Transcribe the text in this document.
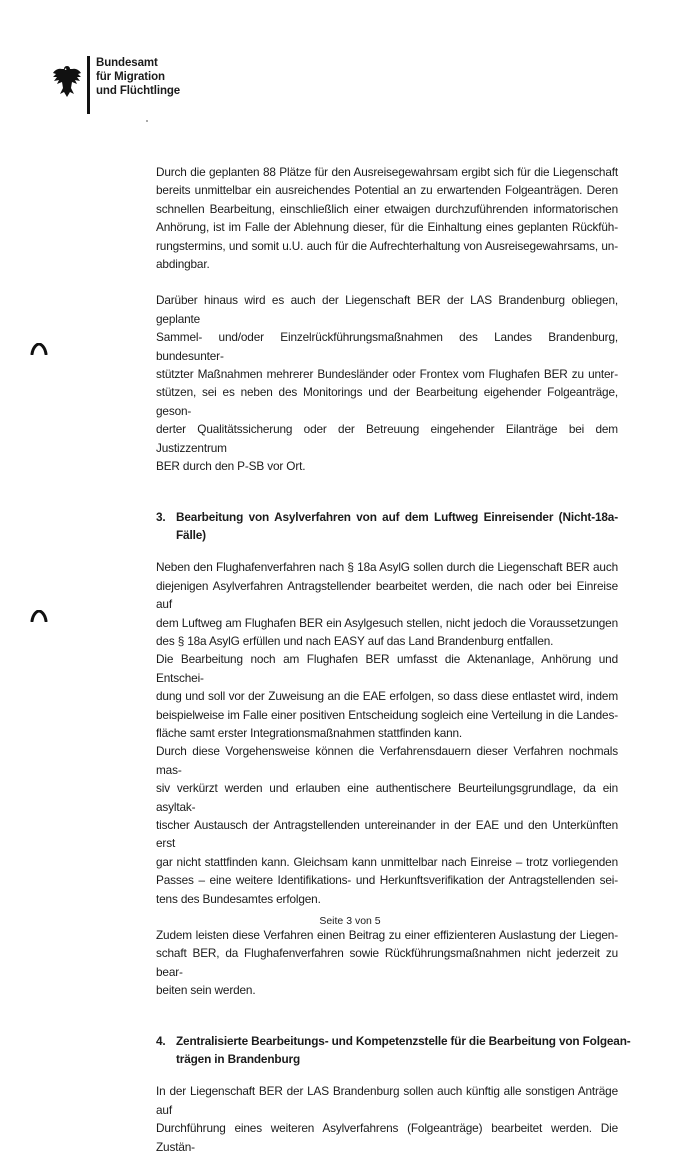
Bundesamt
für Migration
und Flüchtlinge

Durch die geplanten 88 Plätze für den Ausreisegewahrsam ergibt sich für die Liegenschaft
bereits unmittelbar ein ausreichendes Potential an zu erwartenden Folgeanträgen. Deren
schnellen Bearbeitung, einschließlich einer etwaigen durchzuführenden informatorischen
Anhörung, ist im Falle der Ablehnung dieser, für die Einhaltung eines geplanten Rückfüh-
rungstermins, und somit u.U. auch für die Aufrechterhaltung von Ausreisegewahrsams, un-
abdingbar.

Darüber hinaus wird es auch der Liegenschaft BER der LAS Brandenburg obliegen, geplante
Sammel- und/oder Einzelrückführungsmaßnahmen des Landes Brandenburg, bundesunter-
stützter Maßnahmen mehrerer Bundesländer oder Frontex vom Flughafen BER zu unter-
stützen, sei es neben des Monitorings und der Bearbeitung eigehender Folgeanträge, geson-
derter Qualitätssicherung oder der Betreuung eingehender Eilanträge bei dem Justizzentrum
BER durch den P-SB vor Ort.

3. Bearbeitung von Asylverfahren von auf dem Luftweg Einreisender (Nicht-18a-Fälle)

Neben den Flughafenverfahren nach § 18a AsylG sollen durch die Liegenschaft BER auch
diejenigen Asylverfahren Antragstellender bearbeitet werden, die nach oder bei Einreise auf
dem Luftweg am Flughafen BER ein Asylgesuch stellen, nicht jedoch die Voraussetzungen
des § 18a AsylG erfüllen und nach EASY auf das Land Brandenburg entfallen.
Die Bearbeitung noch am Flughafen BER umfasst die Aktenanlage, Anhörung und Entschei-
dung und soll vor der Zuweisung an die EAE erfolgen, so dass diese entlastet wird, indem
beispielweise im Falle einer positiven Entscheidung sogleich eine Verteilung in die Landes-
fläche samt erster Integrationsmaßnahmen stattfinden kann.
Durch diese Vorgehensweise können die Verfahrensdauern dieser Verfahren nochmals mas-
siv verkürzt werden und erlauben eine authentischere Beurteilungsgrundlage, da ein asyltak-
tischer Austausch der Antragstellenden untereinander in der EAE und den Unterkünften erst
gar nicht stattfinden kann. Gleichsam kann unmittelbar nach Einreise – trotz vorliegenden
Passes – eine weitere Identifikations- und Herkunftsverifikation der Antragstellenden sei-
tens des Bundesamtes erfolgen.

Zudem leisten diese Verfahren einen Beitrag zu einer effizienteren Auslastung der Liegen-
schaft BER, da Flughafenverfahren sowie Rückführungsmaßnahmen nicht jederzeit zu bear-
beiten sein werden.

4. Zentralisierte Bearbeitungs- und Kompetenzstelle für die Bearbeitung von Folgean-
trägen in Brandenburg

In der Liegenschaft BER der LAS Brandenburg sollen auch künftig alle sonstigen Anträge auf
Durchführung eines weiteren Asylverfahrens (Folgeanträge) bearbeitet werden. Die Zustän-

Seite 3 von 5
